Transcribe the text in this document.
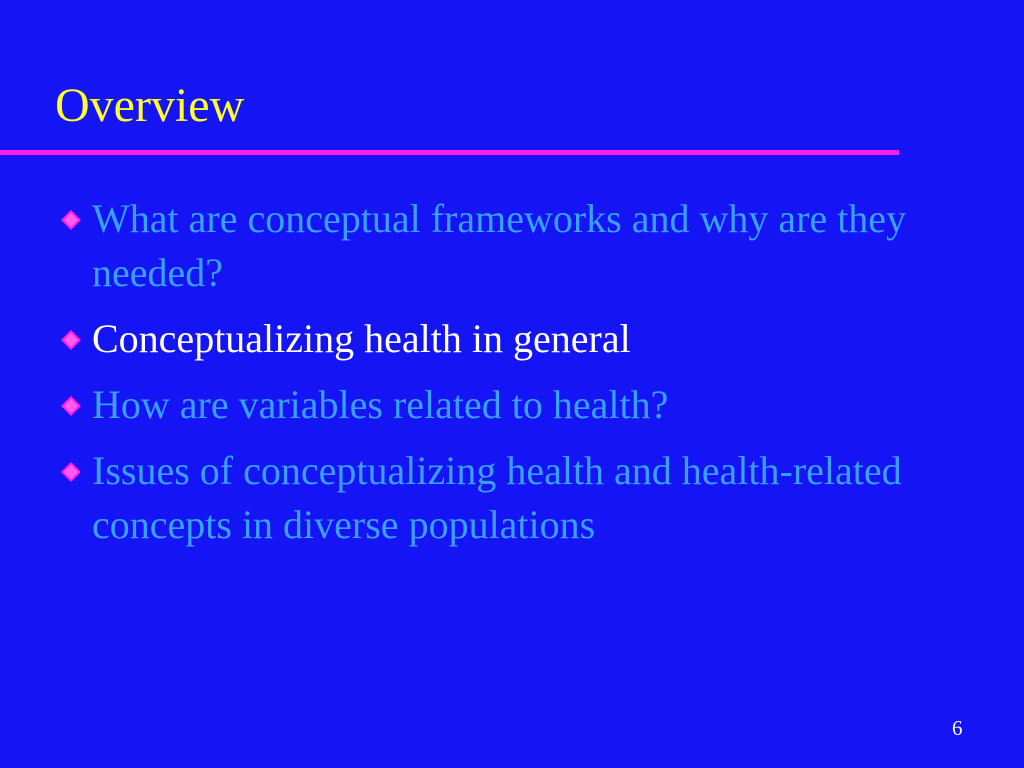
Overview
What are conceptual frameworks and why are they needed?
Conceptualizing health in general
How are variables related to health?
Issues of conceptualizing health and health-related concepts in diverse populations
6
